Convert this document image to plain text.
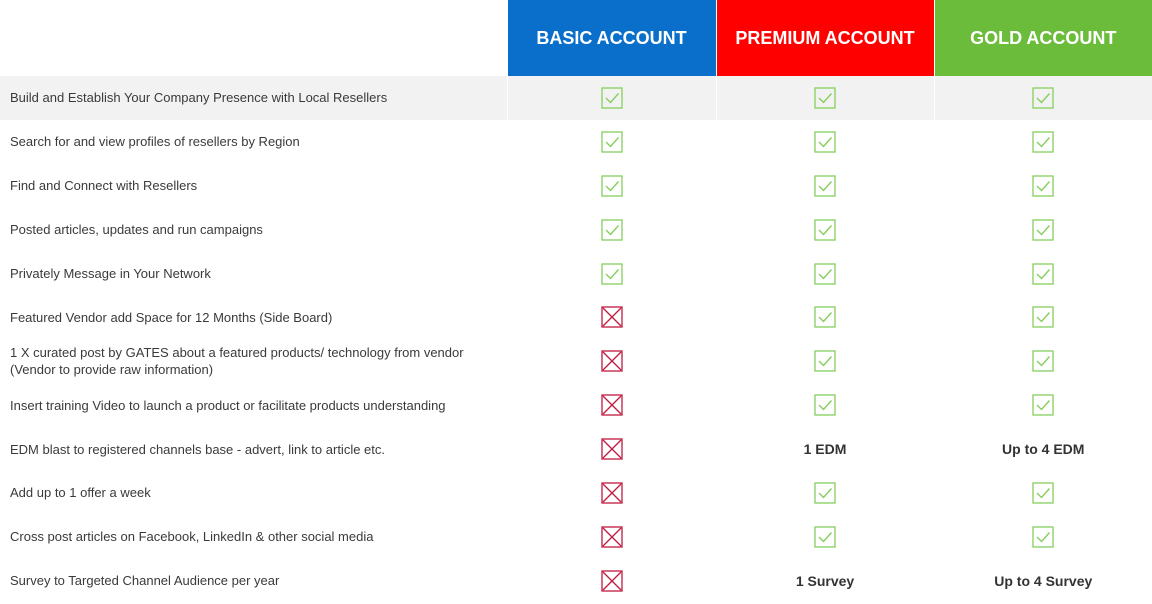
	BASIC ACCOUNT	PREMIUM ACCOUNT	GOLD ACCOUNT
Build and Establish Your Company Presence with Local Resellers	

Search for and view profiles of resellers by Region	

Find and Connect with Resellers	

Posted articles, updates and run campaigns	

Privately Message in Your Network	

Featured Vendor add Space for 12 Months (Side Board)	

1 X curated post by GATES about a featured products/ technology from vendor
(Vendor to provide raw information)	

Insert training Video to launch a product or facilitate products understanding	

EDM blast to registered channels base - advert, link to article etc.		1 EDM	Up to 4 EDM
Add up to 1 offer a week	

Cross post articles on Facebook, LinkedIn & other social media	

Survey to Targeted Channel Audience per year		1 Survey	Up to 4 Survey
